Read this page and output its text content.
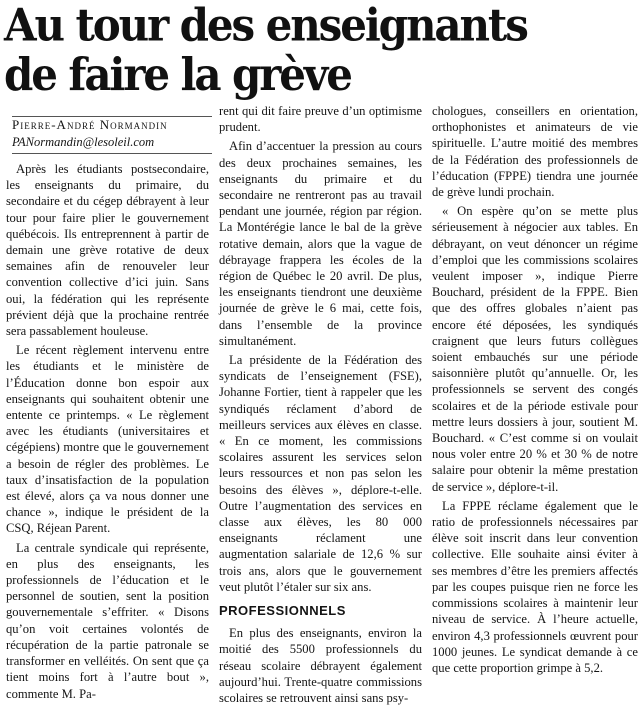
Au tour des enseignants
de faire la grève
Pierre-André Normandin
PANormandin@lesoleil.com

Après les étudiants postsecondaire, les enseignants du primaire, du secondaire et du cégep débrayent à leur tour pour faire plier le gouvernement québécois. Ils entreprennent à partir de demain une grève rotative de deux semaines afin de renouveler leur convention collective d’ici juin. Sans oui, la fédération qui les représente prévient déjà que la prochaine rentrée sera passablement houleuse.

Le récent règlement intervenu entre les étudiants et le ministère de l’Éducation donne bon espoir aux enseignants qui souhaitent obtenir une entente ce printemps. « Le règlement avec les étudiants (universitaires et cégépiens) montre que le gouvernement a besoin de régler des problèmes. Le taux d’insatisfaction de la population est élevé, alors ça va nous donner une chance », indique le président de la CSQ, Réjean Parent.

La centrale syndicale qui représente, en plus des enseignants, les professionnels de l’éducation et le personnel de soutien, sent la position gouvernementale s’effriter. « Disons qu’on voit certaines volontés de récupération de la partie patronale se transformer en velléités. On sent que ça tient moins fort à l’autre bout », commente M. Pa-

rent qui dit faire preuve d’un optimisme prudent.

Afin d’accentuer la pression au cours des deux prochaines semaines, les enseignants du primaire et du secondaire ne rentreront pas au travail pendant une journée, région par région. La Montérégie lance le bal de la grève rotative demain, alors que la vague de débrayage frappera les écoles de la région de Québec le 20 avril. De plus, les enseignants tiendront une deuxième journée de grève le 6 mai, cette fois, dans l’ensemble de la province simultanément.

La présidente de la Fédération des syndicats de l’enseignement (FSE), Johanne Fortier, tient à rappeler que les syndiqués réclament d’abord de meilleurs services aux élèves en classe. « En ce moment, les commissions scolaires assurent les services selon leurs ressources et non pas selon les besoins des élèves », déplore-t-elle. Outre l’augmentation des services en classe aux élèves, les 80 000 enseignants réclament une augmentation salariale de 12,6 % sur trois ans, alors que le gouvernement veut plutôt l’étaler sur six ans.

PROFESSIONNELS

En plus des enseignants, environ la moitié des 5500 professionnels du réseau scolaire débrayent également aujourd’hui. Trente-quatre commissions scolaires se retrouvent ainsi sans psy-

chologues, conseillers en orientation, orthophonistes et animateurs de vie spirituelle. L’autre moitié des membres de la Fédération des professionnels de l’éducation (FPPE) tiendra une journée de grève lundi prochain.

« On espère qu’on se mette plus sérieusement à négocier aux tables. En débrayant, on veut dénoncer un régime d’emploi que les commissions scolaires veulent imposer », indique Pierre Bouchard, président de la FPPE. Bien que des offres globales n’aient pas encore été déposées, les syndiqués craignent que leurs futurs collègues soient embauchés sur une période saisonnière plutôt qu’annuelle. Or, les professionnels se servent des congés scolaires et de la période estivale pour mettre leurs dossiers à jour, soutient M. Bouchard. « C’est comme si on voulait nous voler entre 20 % et 30 % de notre salaire pour obtenir la même prestation de service », déplore-t-il.

La FPPE réclame également que le ratio de professionnels nécessaires par élève soit inscrit dans leur convention collective. Elle souhaite ainsi éviter à ses membres d’être les premiers affectés par les coupes puisque rien ne force les commissions scolaires à maintenir leur niveau de service. À l’heure actuelle, environ 4,3 professionnels œuvrent pour 1000 jeunes. Le syndicat demande à ce que cette proportion grimpe à 5,2.
